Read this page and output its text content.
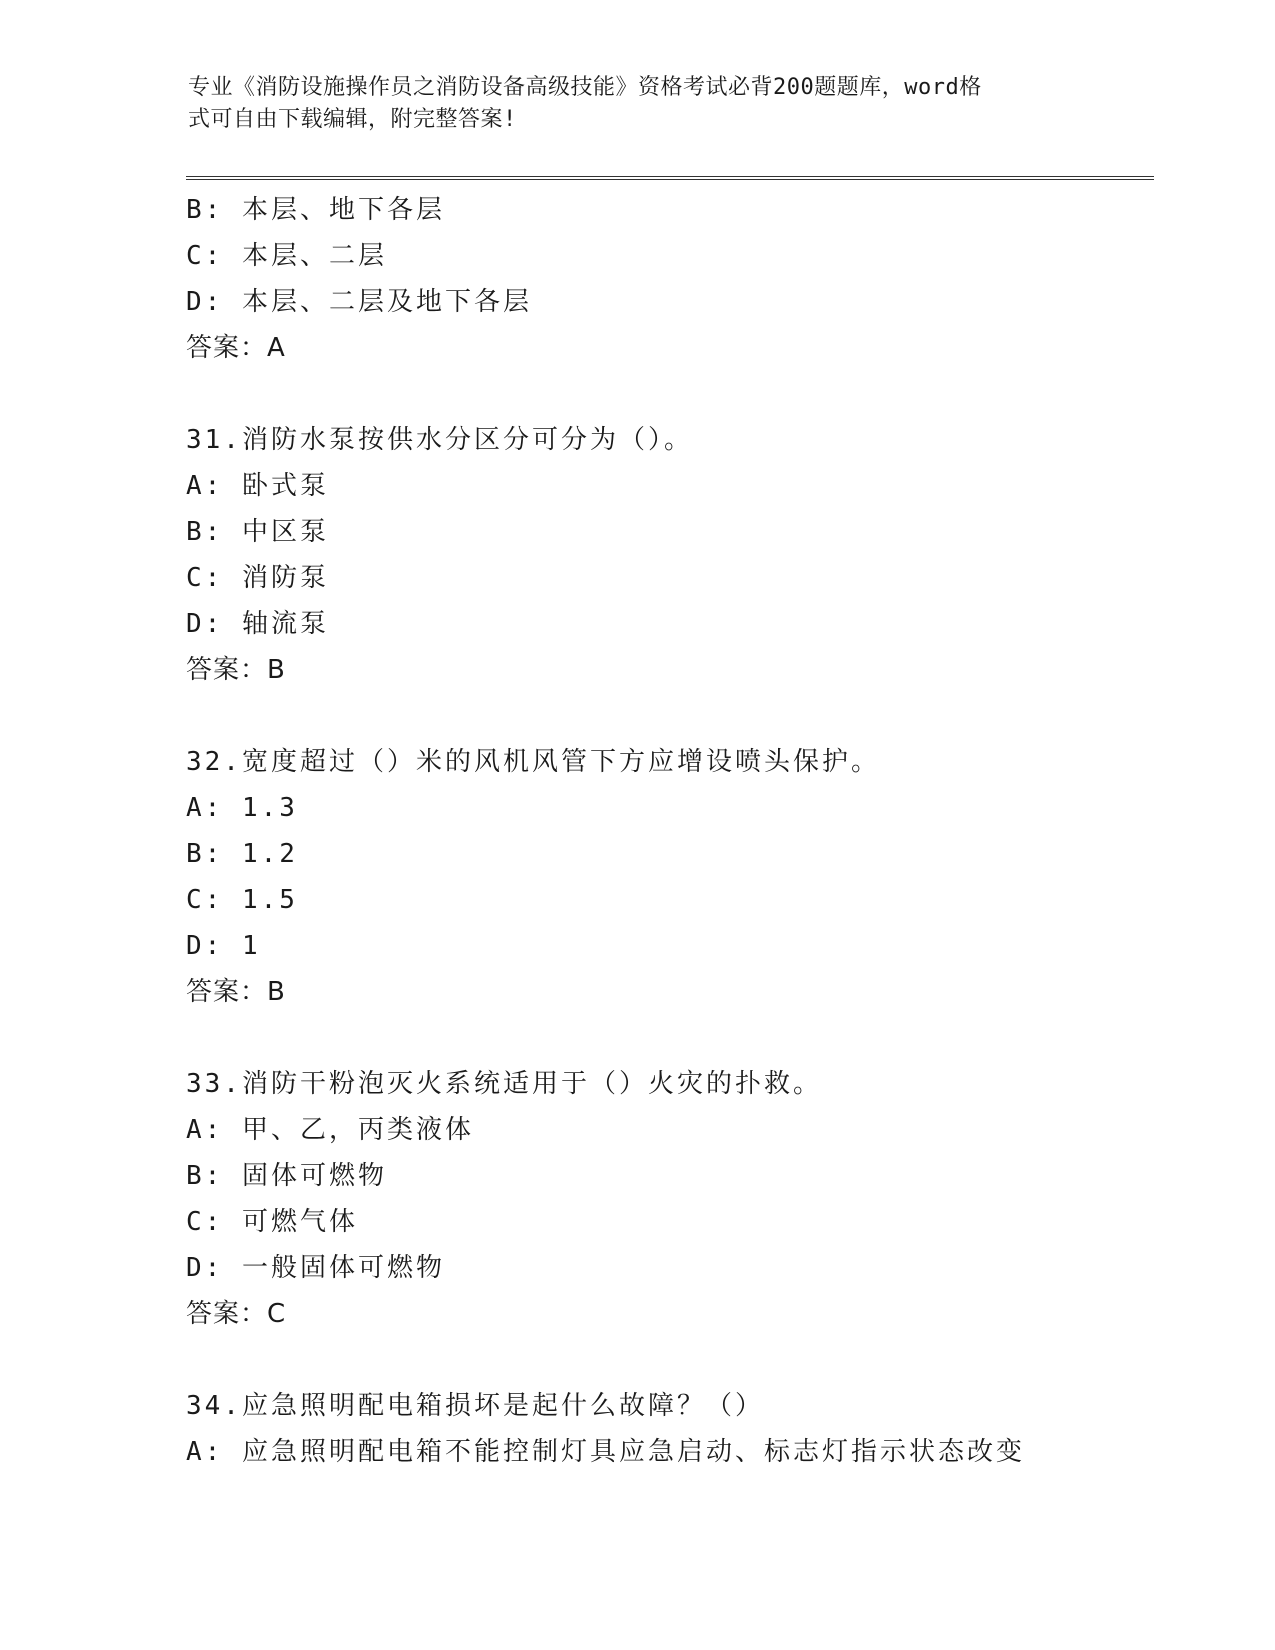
专业《消防设施操作员之消防设备高级技能》资格考试必背200题题库，word格
式可自由下载编辑，附完整答案!
B: 本层、地下各层
C: 本层、二层
D: 本层、二层及地下各层
答案：A
31.消防水泵按供水分区分可分为（）。
A: 卧式泵
B: 中区泵
C: 消防泵
D: 轴流泵
答案：B
32.宽度超过（）米的风机风管下方应增设喷头保护。
A: 1.3
B: 1.2
C: 1.5
D: 1
答案：B
33.消防干粉泡灭火系统适用于（）火灾的扑救。
A: 甲、乙，丙类液体
B: 固体可燃物
C: 可燃气体
D: 一般固体可燃物
答案：C
34.应急照明配电箱损坏是起什么故障？（）
A: 应急照明配电箱不能控制灯具应急启动、标志灯指示状态改变
